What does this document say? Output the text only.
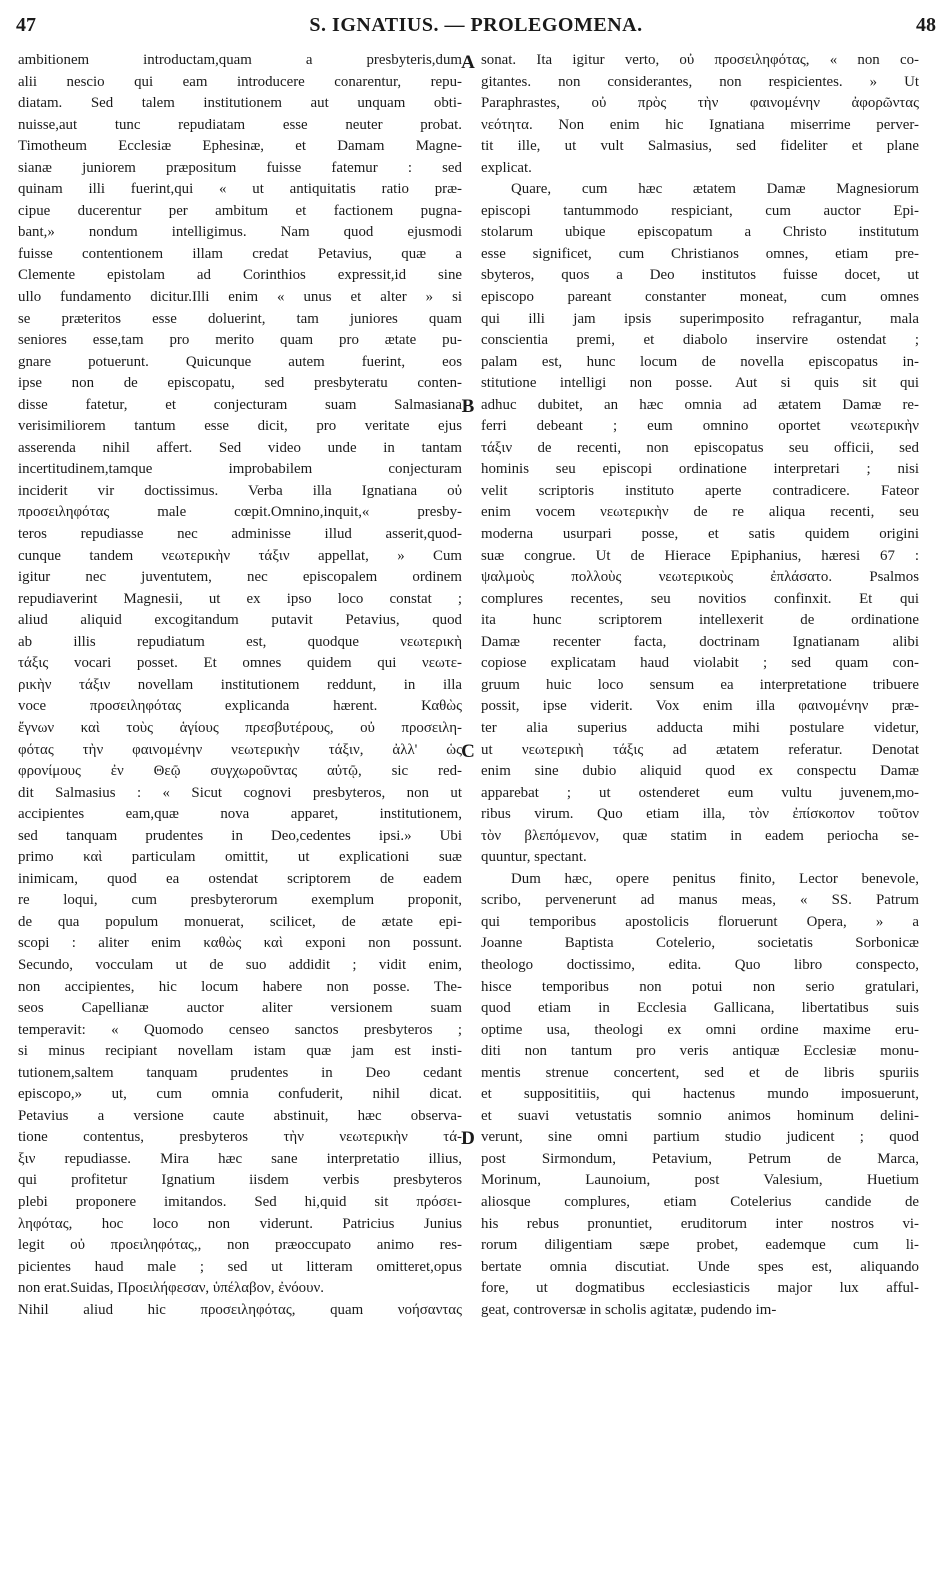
47	S. IGNATIUS. — PROLEGOMENA.	48
ambitionem introductam,quam a presbyteris,dum
alii nescio qui eam introducere conarentur, repu-
diatam. Sed talem institutionem aut unquam obti-
nuisse,aut tunc repudiatam esse neuter probat.
Timotheum Ecclesiæ Ephesinæ, et Damam Magne-
sianæ juniorem præpositum fuisse fatemur : sed
quinam illi fuerint,qui « ut antiquitatis ratio præ-
cipue ducerentur per ambitum et factionem pugna-
bant,» nondum intelligimus. Nam quod ejusmodi
fuisse contentionem illam credat Petavius, quæ a
Clemente epistolam ad Corinthios expressit,id sine
ullo fundamento dicitur.Illi enim « unus et alter » si
se præteritos esse doluerint, tam juniores quam
seniores esse,tam pro merito quam pro ætate pu-
gnare potuerunt. Quicunque autem fuerint, eos
ipse non de episcopatu, sed presbyteratu conten-
disse fatetur, et conjecturam suam Salmasiana
verisimiliorem tantum esse dicit, pro veritate ejus
asserenda nihil affert. Sed video unde in tantam
incertitudinem,tamque improbabilem conjecturam
inciderit vir doctissimus. Verba illa Ignatiana οὐ
προσειληφότας male cœpit.Omnino,inquit,« presby-
teros repudiasse nec adminisse illud asserit,quod-
cunque tandem νεωτερικὴν τάξιν appellat, » Cum
igitur nec juventutem, nec episcopalem ordinem
repudiaverint Magnesii, ut ex ipso loco constat ;
aliud aliquid excogitandum putavit Petavius, quod
ab illis repudiatum est, quodque νεωτερικὴ
τάξις vocari posset. Et omnes quidem qui νεωτε-
ρικὴν τάξιν novellam institutionem reddunt, in illa
voce προσειληφότας explicanda hærent. Καθὼς
ἔγνων καὶ τοὺς ἁγίους πρεσβυτέρους, οὐ προσειλη-
φότας τὴν φαινομένην νεωτερικὴν τάξιν, ἀλλ' ὡς
φρονίμους ἐν Θεῷ συγχωροῦντας αὐτῷ, sic red-
dit Salmasius : « Sicut cognovi presbyteros, non ut
accipientes eam,quæ nova apparet, institutionem,
sed tanquam prudentes in Deo,cedentes ipsi.» Ubi
primo καὶ particulam omittit, ut explicationi suæ
inimicam, quod ea ostendat scriptorem de eadem
re loqui, cum presbyterorum exemplum proponit,
de qua populum monuerat, scilicet, de ætate epi-
scopi : aliter enim καθὼς καὶ exponi non possunt.
Secundo, vocculam ut de suo addidit ; vidit enim,
non accipientes, hic locum habere non posse. The-
seos Capellianæ auctor aliter versionem suam
temperavit: « Quomodo censeo sanctos presbyteros ;
si minus recipiant novellam istam quæ jam est insti-
tutionem,saltem tanquam prudentes in Deo cedant
episcopo,» ut, cum omnia confuderit, nihil dicat.
Petavius a versione caute abstinuit, hæc observa-
tione contentus, presbyteros τὴν νεωτερικὴν τά-
ξιν repudiasse. Mira hæc sane interpretatio illius,
qui profitetur Ignatium iisdem verbis presbyteros
plebi proponere imitandos. Sed hi,quid sit πρόσει-
ληφότας, hoc loco non viderunt. Patricius Junius
legit οὐ προειληφότας,, non præoccupato animo res-
picientes haud male ; sed ut litteram omitteret,opus
non erat.Suidas, Προειλήφεσαν, ὑπέλαβον, ἐνόουν.
Nihil aliud hic προσειληφότας, quam νοήσαντας
sonat. Ita igitur verto, οὐ προσειληφότας, « non co-
gitantes. non considerantes, non respicientes. » Ut
Paraphrastes, οὐ πρὸς τὴν φαινομένην ἀφορῶντας
νεότητα. Non enim hic Ignatiana miserrime perver-
tit ille, ut vult Salmasius, sed fideliter et plane
explicat.
Quare, cum hæc ætatem Damæ Magnesiorum
episcopi tantummodo respiciant, cum auctor Epi-
stolarum ubique episcopatum a Christo institutum
esse significet, cum Christianos omnes, etiam pre-
sbyteros, quos a Deo institutos fuisse docet, ut
episcopo pareant constanter moneat, cum omnes
qui illi jam ipsis superimposito refragantur, mala
conscientia premi, et diabolo inservire ostendat ;
palam est, hunc locum de novella episcopatus in-
stitutione intelligi non posse. Aut si quis sit qui
adhuc dubitet, an hæc omnia ad ætatem Damæ re-
ferri debeant ; eum omnino oportet νεωτερικὴν
τάξιν de recenti, non episcopatus seu officii, sed
hominis seu episcopi ordinatione interpretari ; nisi
velit scriptoris instituto aperte contradicere. Fateor
enim vocem νεωτερικὴν de re aliqua recenti, seu
moderna usurpari posse, et satis quidem origini
suæ congrue. Ut de Hierace Epiphanius, hæresi 67 :
ψαλμοὺς πολλοὺς νεωτερικοὺς ἐπλάσατο. Psalmos
complures recentes, seu novitios confinxit. Et qui
ita hunc scriptorem intellexerit de ordinatione
Damæ recenter facta, doctrinam Ignatianam alibi
copiose explicatam haud violabit ; sed quam con-
gruum huic loco sensum ea interpretatione tribuere
possit, ipse viderit. Vox enim illa φαινομένην præ-
ter alia superius adducta mihi postulare videtur,
ut νεωτερικὴ τάξις ad ætatem referatur. Denotat
enim sine dubio aliquid quod ex conspectu Damæ
apparebat ; ut ostenderet eum vultu juvenem,mo-
ribus virum. Quo etiam illa, τὸν ἐπίσκοπον τοῦτον
τὸν βλεπόμενον, quæ statim in eadem periocha se-
quuntur, spectant.
Dum hæc, opere penitus finito, Lector benevole,
scribo, pervenerunt ad manus meas, « SS. Patrum
qui temporibus apostolicis floruerunt Opera, » a
Joanne Baptista Cotelerio, societatis Sorbonicæ
theologo doctissimo, edita. Quo libro conspecto,
hisce temporibus non potui non serio gratulari,
quod etiam in Ecclesia Gallicana, libertatibus suis
optime usa, theologi ex omni ordine maxime eru-
diti non tantum pro veris antiquæ Ecclesiæ monu-
mentis strenue concertent, sed et de libris spuriis
et supposititiis, qui hactenus mundo imposuerunt,
et suavi vetustatis somnio animos hominum delini-
verunt, sine omni partium studio judicent ; quod
post Sirmondum, Petavium, Petrum de Marca,
Morinum, Launoium, post Valesium, Huetium
aliosque complures, etiam Cotelerius candide de
his rebus pronuntiet, eruditorum inter nostros vi-
rorum diligentiam sæpe probet, eademque cum li-
bertate omnia discutiat. Unde spes est, aliquando
fore, ut dogmatibus ecclesiasticis major lux afful-
geat, controversæ in scholis agitatæ, pudendo im-
A
B
C
D
